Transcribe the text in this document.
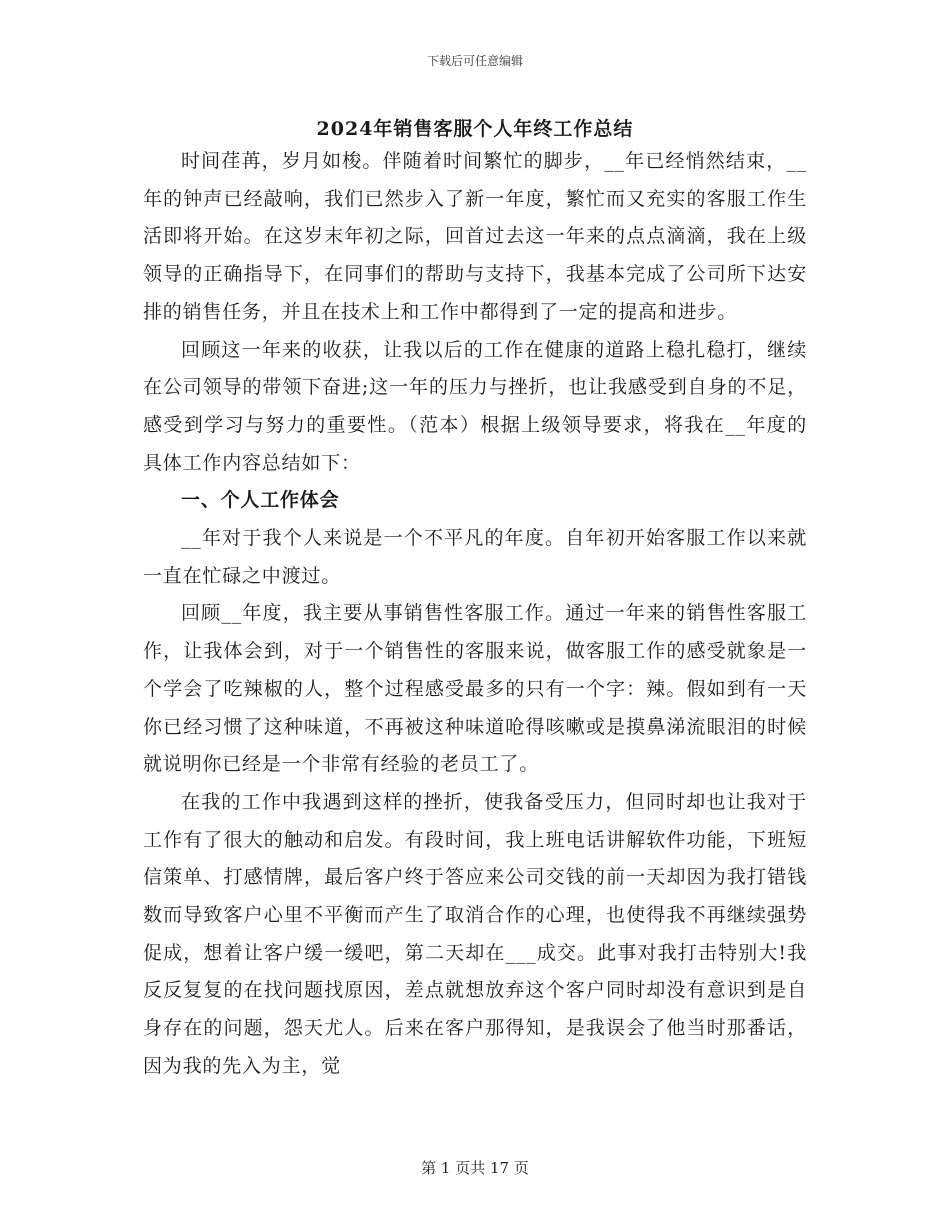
下载后可任意编辑
2024年销售客服个人年终工作总结

时间荏苒，岁月如梭。伴随着时间繁忙的脚步，__年已经悄然结束，__年的钟声已经敲响，我们已然步入了新一年度，繁忙而又充实的客服工作生活即将开始。在这岁末年初之际，回首过去这一年来的点点滴滴，我在上级领导的正确指导下，在同事们的帮助与支持下，我基本完成了公司所下达安排的销售任务，并且在技术上和工作中都得到了一定的提高和进步。

回顾这一年来的收获，让我以后的工作在健康的道路上稳扎稳打，继续在公司领导的带领下奋进;这一年的压力与挫折，也让我感受到自身的不足，感受到学习与努力的重要性。（范本）根据上级领导要求，将我在__年度的具体工作内容总结如下：

一、个人工作体会

__年对于我个人来说是一个不平凡的年度。自年初开始客服工作以来就一直在忙碌之中渡过。

回顾__年度，我主要从事销售性客服工作。通过一年来的销售性客服工作，让我体会到，对于一个销售性的客服来说，做客服工作的感受就象是一个学会了吃辣椒的人，整个过程感受最多的只有一个字：辣。假如到有一天你已经习惯了这种味道，不再被这种味道呛得咳嗽或是摸鼻涕流眼泪的时候就说明你已经是一个非常有经验的老员工了。

在我的工作中我遇到这样的挫折，使我备受压力，但同时却也让我对于工作有了很大的触动和启发。有段时间，我上班电话讲解软件功能，下班短信策单、打感情牌，最后客户终于答应来公司交钱的前一天却因为我打错钱数而导致客户心里不平衡而产生了取消合作的心理，也使得我不再继续强势促成，想着让客户缓一缓吧，第二天却在___成交。此事对我打击特别大!我反反复复的在找问题找原因，差点就想放弃这个客户同时却没有意识到是自身存在的问题，怨天尤人。后来在客户那得知，是我误会了他当时那番话，因为我的先入为主，觉

第 1 页共 17 页
